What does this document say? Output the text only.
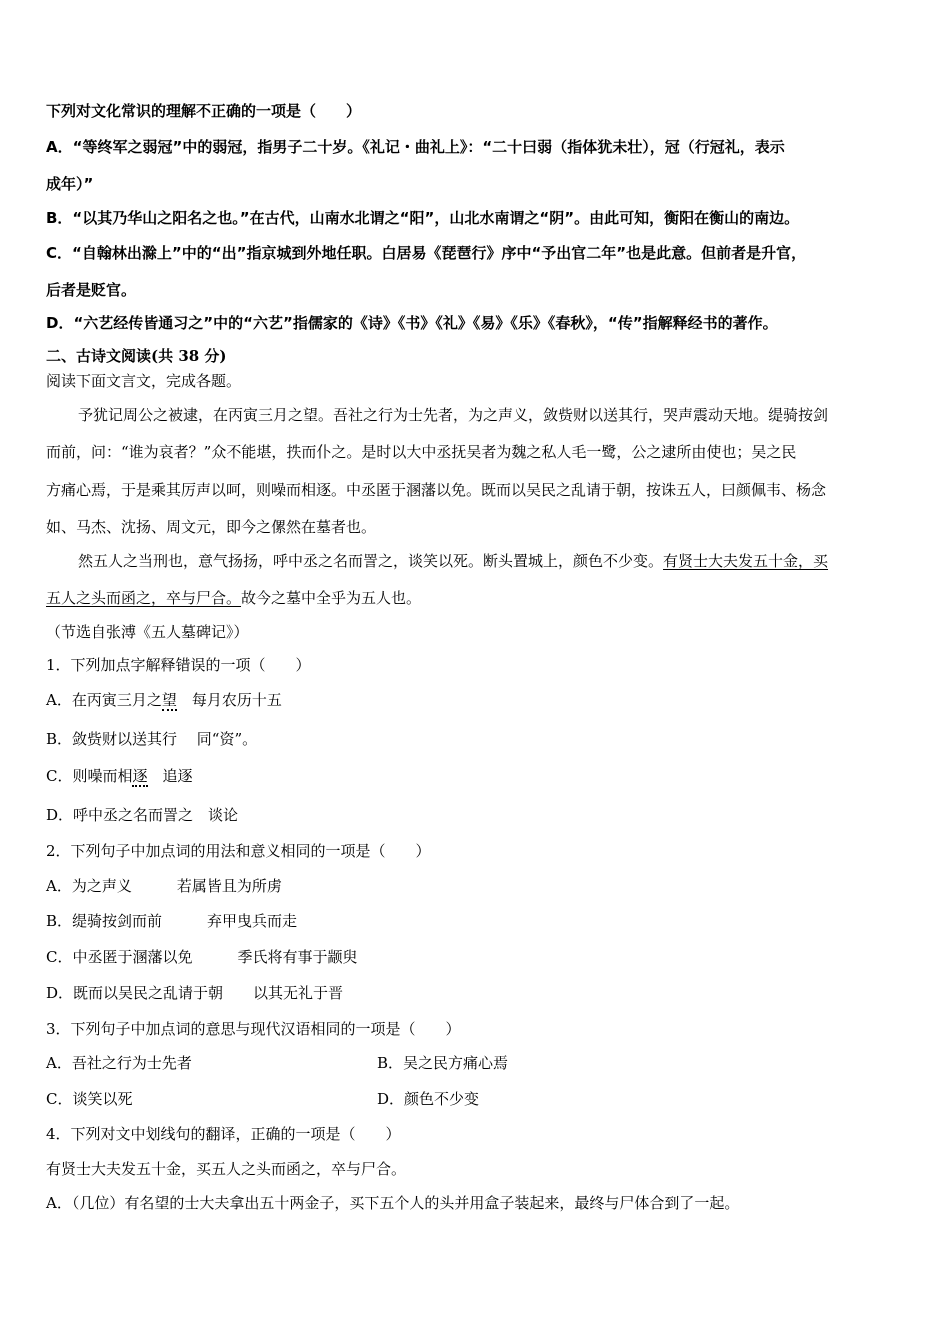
下列对文化常识的理解不正确的一项是（　　）
A．“等终军之弱冠”中的弱冠，指男子二十岁。《礼记・曲礼上》：“二十曰弱（指体犹未壮），冠（行冠礼，表示
成年）”
B．“以其乃华山之阳名之也。”在古代，山南水北谓之“阳”，山北水南谓之“阴”。由此可知，衡阳在衡山的南边。
C．“自翰林出滁上”中的“出”指京城到外地任职。白居易《琵琶行》序中“予出官二年”也是此意。但前者是升官，
后者是贬官。
D．“六艺经传皆通习之”中的“六艺”指儒家的《诗》《书》《礼》《易》《乐》《春秋》，“传”指解释经书的著作。
二、古诗文阅读(共 38 分)
阅读下面文言文，完成各题。
予犹记周公之被逮，在丙寅三月之望。吾社之行为士先者，为之声义，敛赀财以送其行，哭声震动天地。缇骑按剑
而前，问：“谁为哀者？”众不能堪，抶而仆之。是时以大中丞抚吴者为魏之私人毛一鹭，公之逮所由使也；吴之民
方痛心焉，于是乘其厉声以呵，则噪而相逐。中丞匿于溷藩以免。既而以吴民之乱请于朝，按诛五人，曰颜佩韦、杨念
如、马杰、沈扬、周文元，即今之傫然在墓者也。
然五人之当刑也，意气扬扬，呼中丞之名而詈之，谈笑以死。断头置城上，颜色不少变。有贤士大夫发五十金，买
五人之头而函之，卒与尸合。故今之墓中全乎为五人也。
（节选自张溥《五人墓碑记》）
1．下列加点字解释错误的一项（　　）
A．在丙寅三月之望　每月农历十五
B．敛赀财以送其行　 同“资”。
C．则噪而相逐　追逐
D．呼中丞之名而詈之　谈论
2．下列句子中加点词的用法和意义相同的一项是（　　）
A．为之声义　　　若属皆且为所虏
B．缇骑按剑而前　　　弃甲曳兵而走
C．中丞匿于溷藩以免　　　季氏将有事于颛臾
D．既而以吴民之乱请于朝　　以其无礼于晋
3．下列句子中加点词的意思与现代汉语相同的一项是（　　）
A．吾社之行为士先者	B．吴之民方痛心焉
C．谈笑以死	D．颜色不少变
4．下列对文中划线句的翻译，正确的一项是（　　）
有贤士大夫发五十金，买五人之头而函之，卒与尸合。
A．（几位）有名望的士大夫拿出五十两金子，买下五个人的头并用盒子装起来，最终与尸体合到了一起。
